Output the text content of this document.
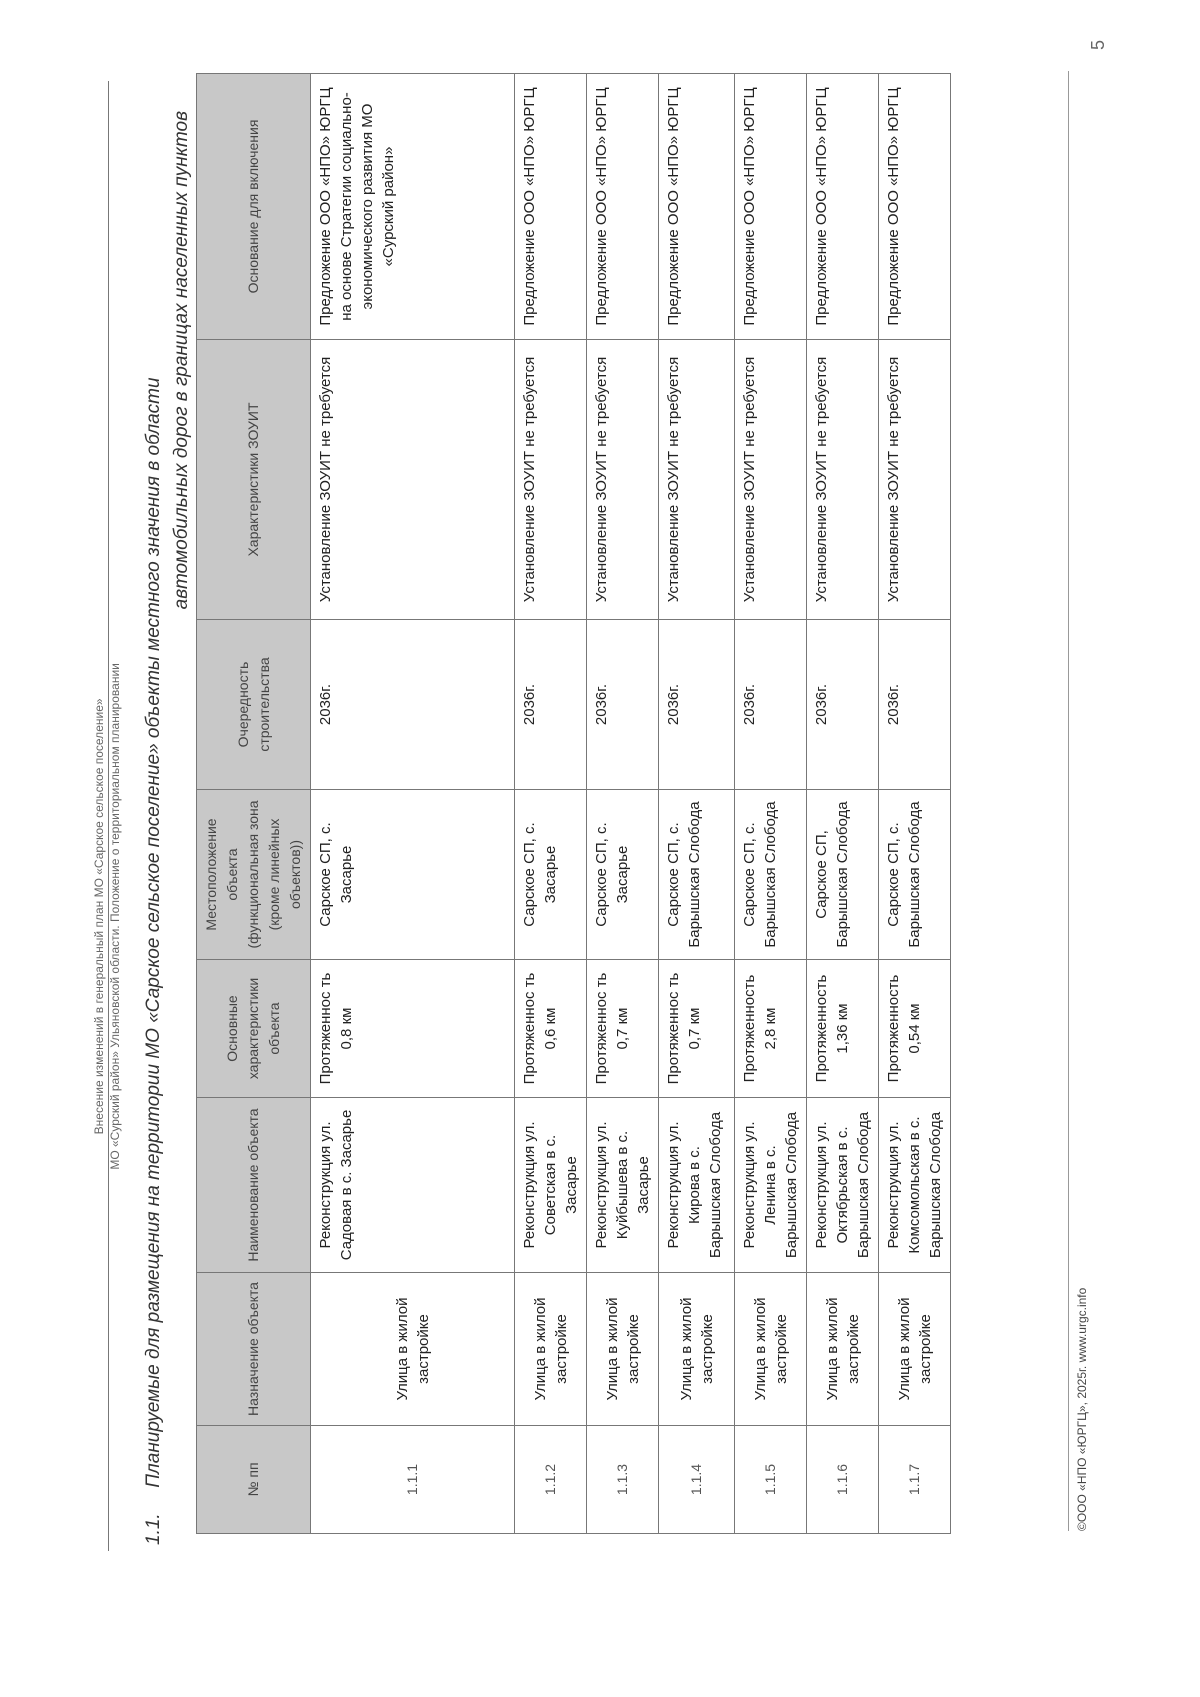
Внесение изменений в генеральный план МО «Сарское сельское поселение» МО «Сурский район» Ульяновской области. Положение о территориальном планировании
5
1.1. Планируемые для размещения на территории МО «Сарское сельское поселение» объекты местного значения в области
автомобильных дорог в границах населенных пунктов
№ пп	Назначение объекта	Наименование объекта	Основные характеристики объекта	Местоположение объекта (функциональная зона (кроме линейных объектов))	Очередность строительства	Характеристики ЗОУИТ	Основание для включения
1.1.1	Улица в жилой застройке	Реконструкция ул. Садовая в с. Засарье	Протяженнос ть 0,8 км	Сарское СП, с. Засарье	2036г.	Установление ЗОУИТ не требуется	Предложение ООО «НПО» ЮРГЦ на основе Стратегии социально-экономического развития МО «Сурский район»
1.1.2	Улица в жилой застройке	Реконструкция ул. Советская в с. Засарье	Протяженнос ть 0,6 км	Сарское СП, с. Засарье	2036г.	Установление ЗОУИТ не требуется	Предложение ООО «НПО» ЮРГЦ
1.1.3	Улица в жилой застройке	Реконструкция ул. Куйбышева в с. Засарье	Протяженнос ть 0,7 км	Сарское СП, с. Засарье	2036г.	Установление ЗОУИТ не требуется	Предложение ООО «НПО» ЮРГЦ
1.1.4	Улица в жилой застройке	Реконструкция ул. Кирова в с. Барышская Слобода	Протяженнос ть 0,7 км	Сарское СП, с. Барышская Слобода	2036г.	Установление ЗОУИТ не требуется	Предложение ООО «НПО» ЮРГЦ
1.1.5	Улица в жилой застройке	Реконструкция ул. Ленина в с. Барышская Слобода	Протяженность 2,8 км	Сарское СП, с. Барышская Слобода	2036г.	Установление ЗОУИТ не требуется	Предложение ООО «НПО» ЮРГЦ
1.1.6	Улица в жилой застройке	Реконструкция ул. Октябрьская в с. Барышская Слобода	Протяженность 1,36 км	Сарское СП, Барышская Слобода	2036г.	Установление ЗОУИТ не требуется	Предложение ООО «НПО» ЮРГЦ
1.1.7	Улица в жилой застройке	Реконструкция ул. Комсомольская в с. Барышская Слобода	Протяженность 0,54 км	Сарское СП, с. Барышская Слобода	2036г.	Установление ЗОУИТ не требуется	Предложение ООО «НПО» ЮРГЦ
©ООО «НПО «ЮРГЦ», 2025г. www.urgc.info
